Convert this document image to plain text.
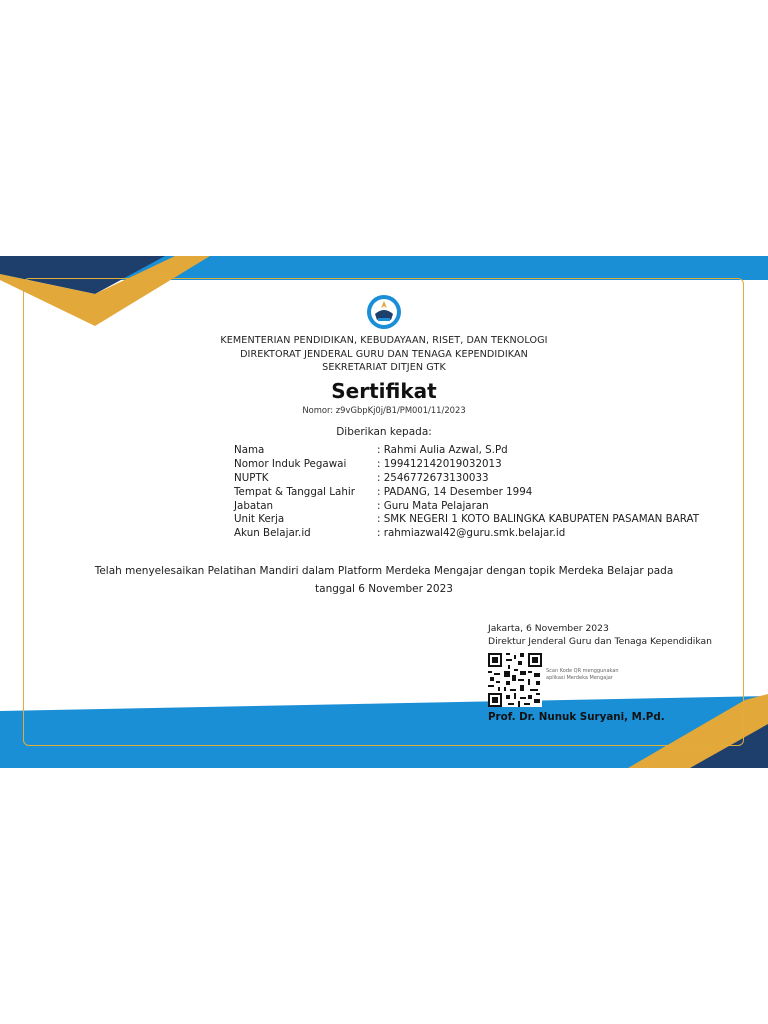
KEMENTERIAN PENDIDIKAN, KEBUDAYAAN, RISET, DAN TEKNOLOGI
DIREKTORAT JENDERAL GURU DAN TENAGA KEPENDIDIKAN
SEKRETARIAT DITJEN GTK
Sertifikat
Nomor: z9vGbpKj0j/B1/PM001/11/2023
Diberikan kepada:
Nama	: Rahmi Aulia Azwal, S.Pd
Nomor Induk Pegawai	: 199412142019032013
NUPTK	: 2546772673130033
Tempat & Tanggal Lahir	: PADANG, 14 Desember 1994
Jabatan	: Guru Mata Pelajaran
Unit Kerja	: SMK NEGERI 1 KOTO BALINGKA KABUPATEN PASAMAN BARAT
Akun Belajar.id	: rahmiazwal42@guru.smk.belajar.id
Telah menyelesaikan Pelatihan Mandiri dalam Platform Merdeka Mengajar dengan topik Merdeka Belajar pada
tanggal 6 November 2023
Jakarta, 6 November 2023
Direktur Jenderal Guru dan Tenaga Kependidikan
Scan Kode QR menggunakan
aplikasi Merdeka Mengajar
Prof. Dr. Nunuk Suryani, M.Pd.
